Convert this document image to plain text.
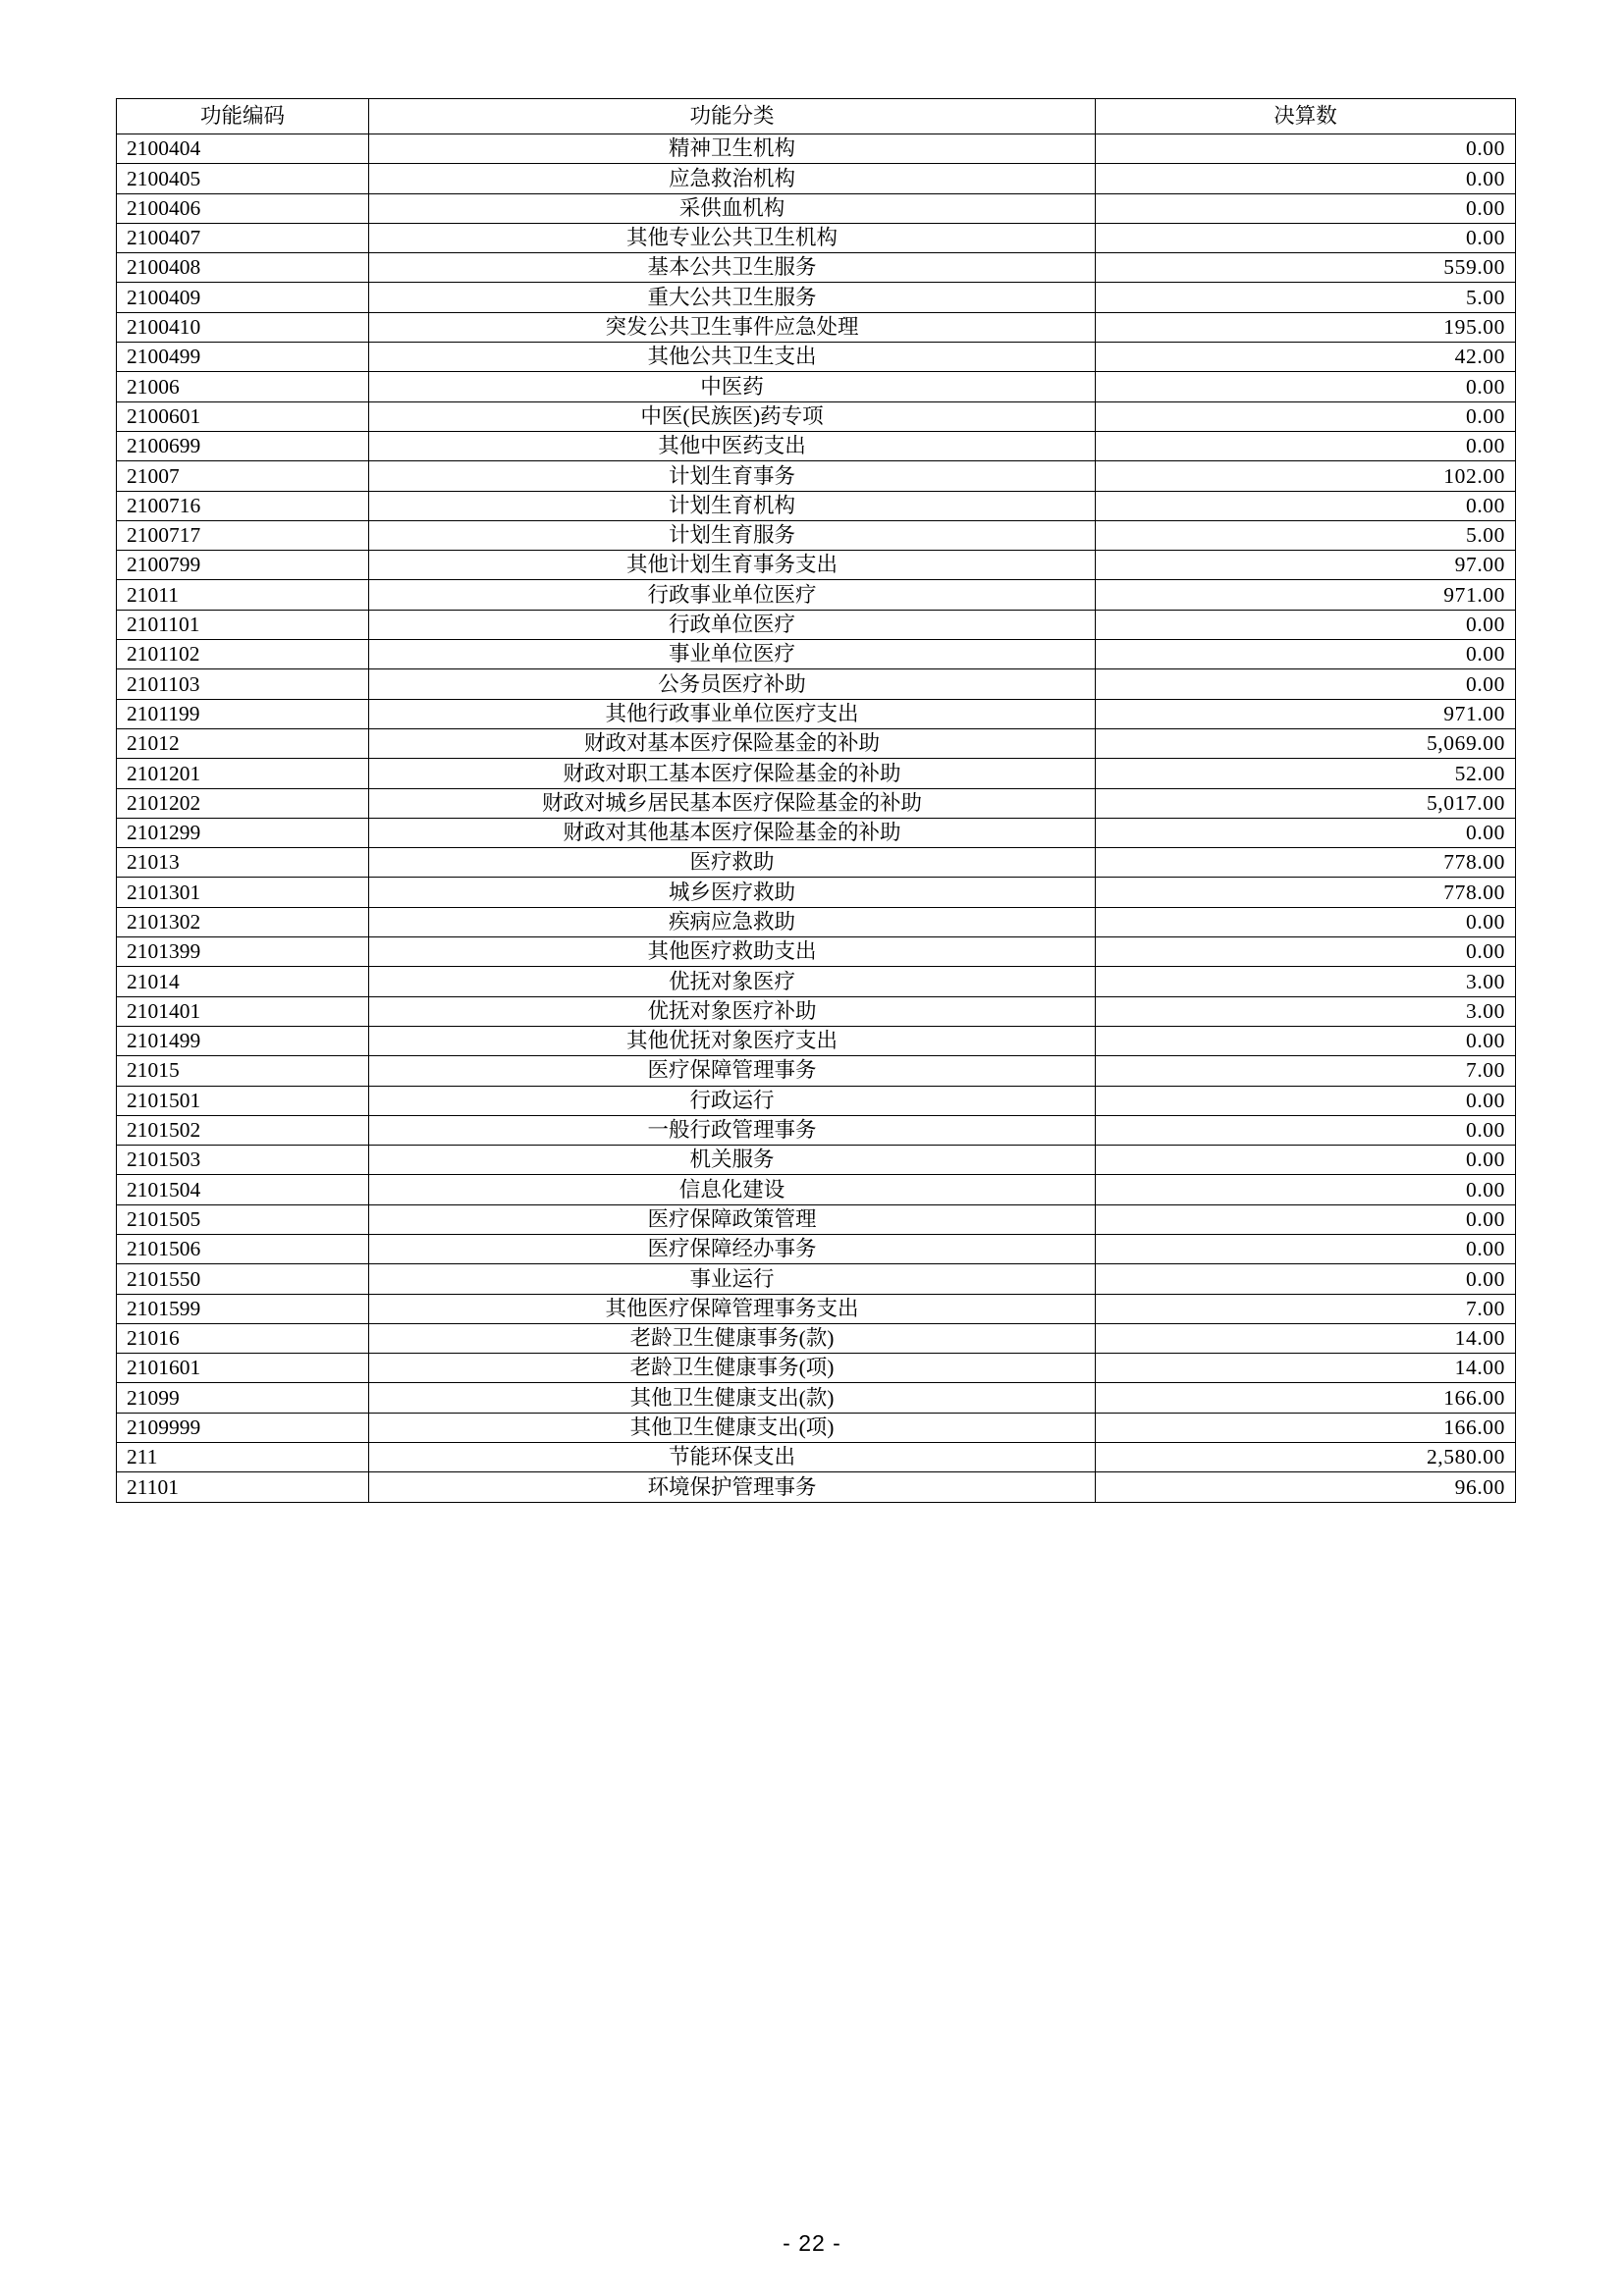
功能编码	功能分类	决算数
2100404	精神卫生机构	0.00
2100405	应急救治机构	0.00
2100406	采供血机构	0.00
2100407	其他专业公共卫生机构	0.00
2100408	基本公共卫生服务	559.00
2100409	重大公共卫生服务	5.00
2100410	突发公共卫生事件应急处理	195.00
2100499	其他公共卫生支出	42.00
21006	中医药	0.00
2100601	中医(民族医)药专项	0.00
2100699	其他中医药支出	0.00
21007	计划生育事务	102.00
2100716	计划生育机构	0.00
2100717	计划生育服务	5.00
2100799	其他计划生育事务支出	97.00
21011	行政事业单位医疗	971.00
2101101	行政单位医疗	0.00
2101102	事业单位医疗	0.00
2101103	公务员医疗补助	0.00
2101199	其他行政事业单位医疗支出	971.00
21012	财政对基本医疗保险基金的补助	5,069.00
2101201	财政对职工基本医疗保险基金的补助	52.00
2101202	财政对城乡居民基本医疗保险基金的补助	5,017.00
2101299	财政对其他基本医疗保险基金的补助	0.00
21013	医疗救助	778.00
2101301	城乡医疗救助	778.00
2101302	疾病应急救助	0.00
2101399	其他医疗救助支出	0.00
21014	优抚对象医疗	3.00
2101401	优抚对象医疗补助	3.00
2101499	其他优抚对象医疗支出	0.00
21015	医疗保障管理事务	7.00
2101501	行政运行	0.00
2101502	一般行政管理事务	0.00
2101503	机关服务	0.00
2101504	信息化建设	0.00
2101505	医疗保障政策管理	0.00
2101506	医疗保障经办事务	0.00
2101550	事业运行	0.00
2101599	其他医疗保障管理事务支出	7.00
21016	老龄卫生健康事务(款)	14.00
2101601	老龄卫生健康事务(项)	14.00
21099	其他卫生健康支出(款)	166.00
2109999	其他卫生健康支出(项)	166.00
211	节能环保支出	2,580.00
21101	环境保护管理事务	96.00
- 22 -
